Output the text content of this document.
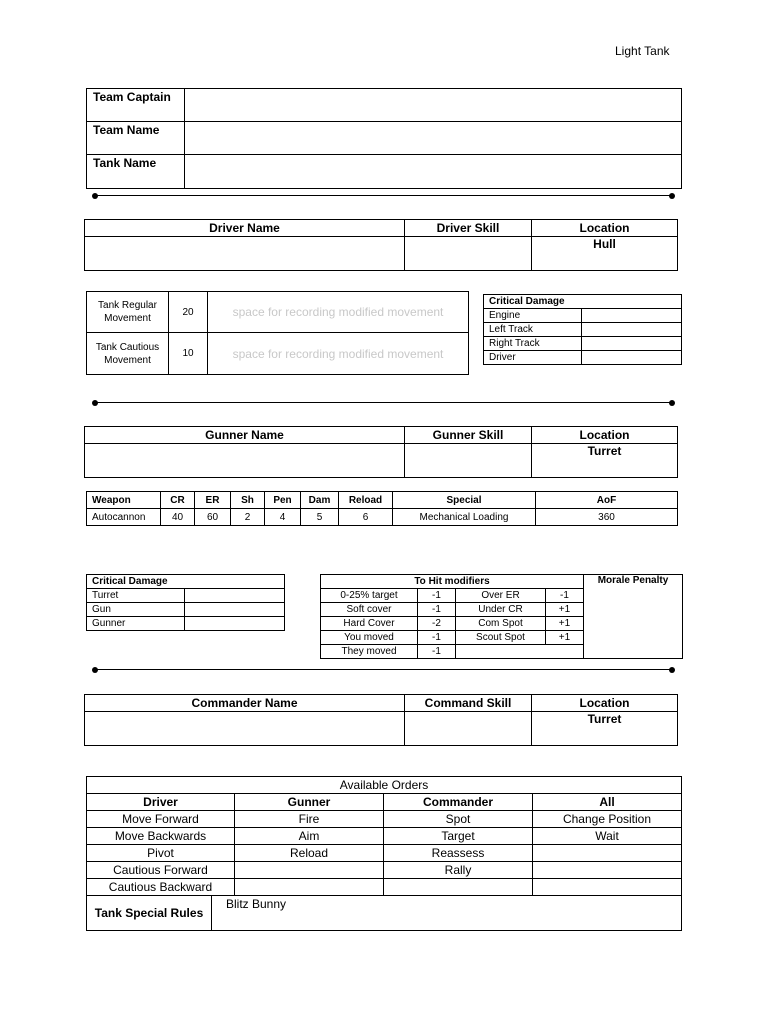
Light Tank
Team Captain	
Team Name	
Tank Name	
Driver Name	Driver Skill	Location
		Hull
Tank Regular Movement	20	space for recording modified movement
Tank Cautious Movement	10	space for recording modified movement
Critical Damage	
Engine	
Left Track	
Right Track	
Driver	
Gunner Name	Gunner Skill	Location
		Turret
Weapon	CR	ER	Sh	Pen	Dam	Reload	Special	AoF
Autocannon	40	60	2	4	5	6	Mechanical Loading	360
Critical Damage	
Turret	
Gun	
Gunner	
To Hit modifiers				Morale Penalty
0-25% target	-1	Over ER	-1	
Soft cover	-1	Under CR	+1	
Hard Cover	-2	Com Spot	+1	
You moved	-1	Scout Spot	+1	
They moved	-1			
Commander Name	Command Skill	Location
		Turret
Available Orders				
Driver		Gunner	Commander	All
Move Forward		Fire	Spot	Change Position
Move Backwards		Aim	Target	Wait
Pivot		Reload	Reassess	
Cautious Forward			Rally	
Cautious Backward				
Tank Special Rules	Blitz Bunny			
